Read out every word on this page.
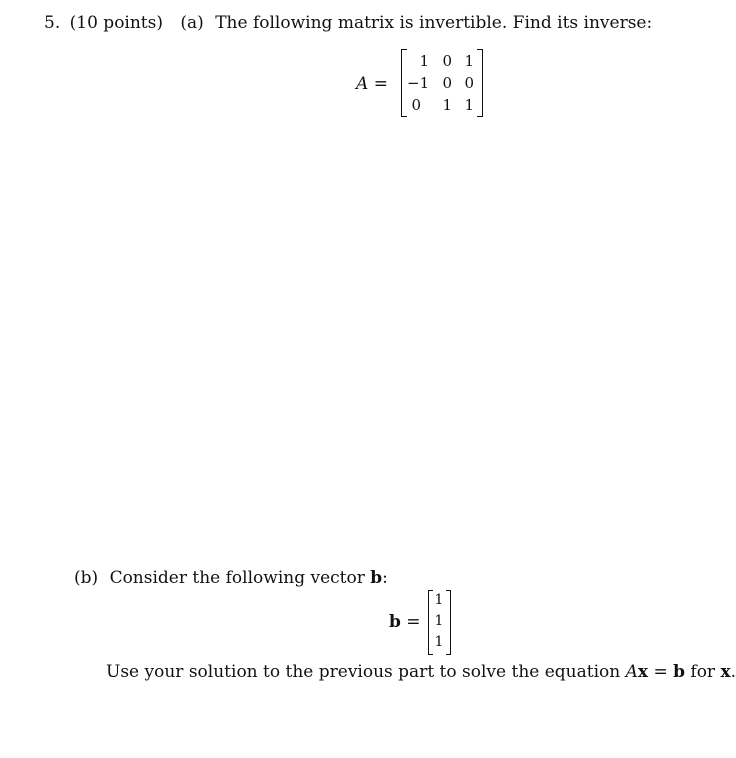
5. (10 points) (a) The following matrix is invertible. Find its inverse:
A =
1 0 1
−1 0 0
0	1 1
(b) Consider the following vector b:
b =
1
1
1
Use your solution to the previous part to solve the equation Ax = b for x.
